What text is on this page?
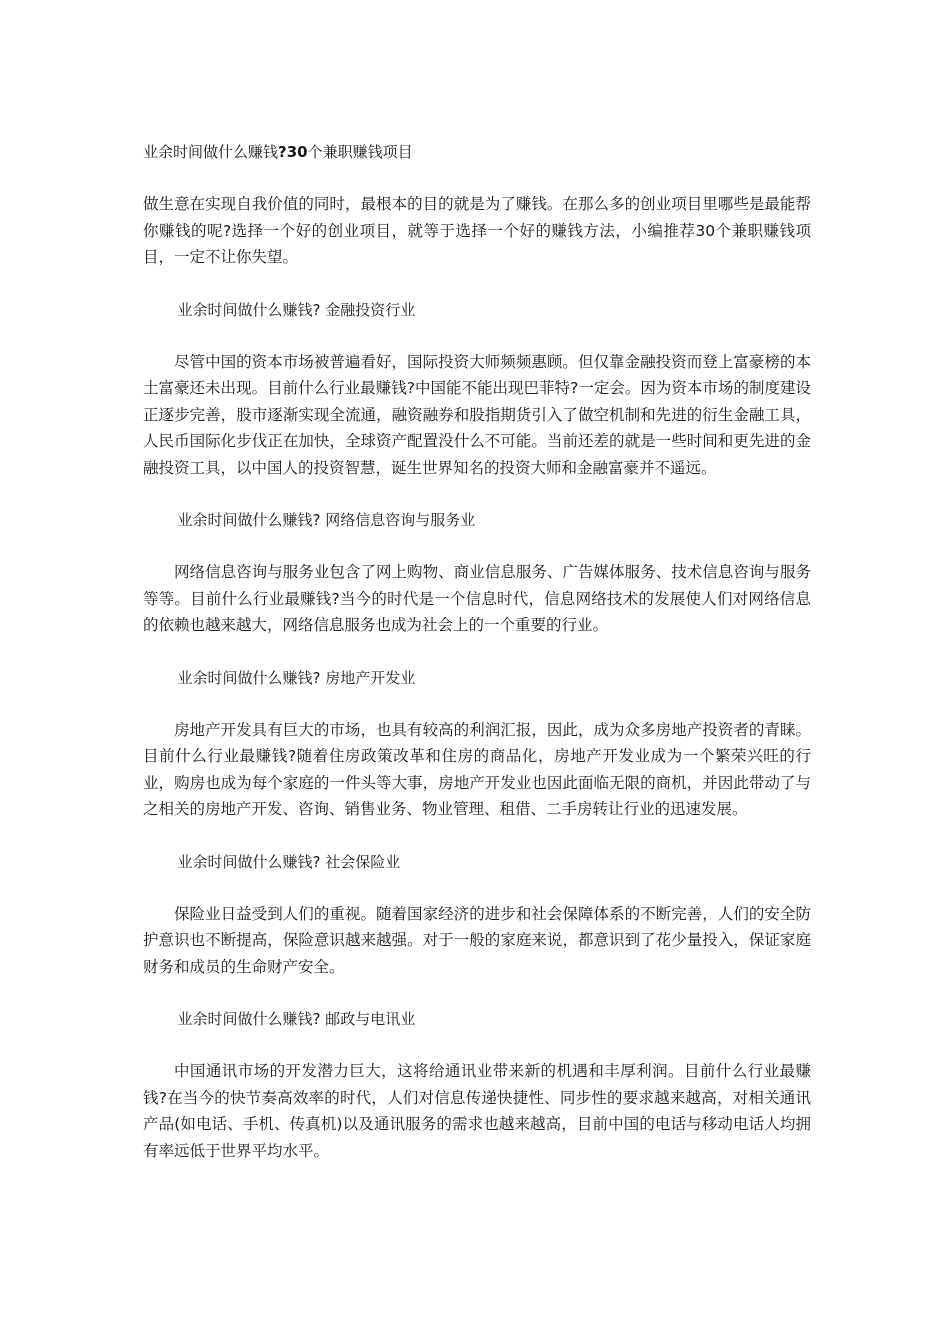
业余时间做什么赚钱?30个兼职赚钱项目

做生意在实现自我价值的同时，最根本的目的就是为了赚钱。在那么多的创业项目里哪些是最能帮你赚钱的呢?选择一个好的创业项目，就等于选择一个好的赚钱方法，小编推荐30个兼职赚钱项目，一定不让你失望。

业余时间做什么赚钱? 金融投资行业

尽管中国的资本市场被普遍看好，国际投资大师频频惠顾。但仅靠金融投资而登上富豪榜的本土富豪还未出现。目前什么行业最赚钱?中国能不能出现巴菲特?一定会。因为资本市场的制度建设正逐步完善，股市逐渐实现全流通，融资融券和股指期货引入了做空机制和先进的衍生金融工具，人民币国际化步伐正在加快，全球资产配置没什么不可能。当前还差的就是一些时间和更先进的金融投资工具，以中国人的投资智慧，诞生世界知名的投资大师和金融富豪并不遥远。

业余时间做什么赚钱? 网络信息咨询与服务业

网络信息咨询与服务业包含了网上购物、商业信息服务、广告媒体服务、技术信息咨询与服务等等。目前什么行业最赚钱?当今的时代是一个信息时代，信息网络技术的发展使人们对网络信息的依赖也越来越大，网络信息服务也成为社会上的一个重要的行业。

业余时间做什么赚钱? 房地产开发业

房地产开发具有巨大的市场，也具有较高的利润汇报，因此，成为众多房地产投资者的青睐。目前什么行业最赚钱?随着住房政策改革和住房的商品化，房地产开发业成为一个繁荣兴旺的行业，购房也成为每个家庭的一件头等大事，房地产开发业也因此面临无限的商机，并因此带动了与之相关的房地产开发、咨询、销售业务、物业管理、租借、二手房转让行业的迅速发展。

业余时间做什么赚钱? 社会保险业

保险业日益受到人们的重视。随着国家经济的进步和社会保障体系的不断完善，人们的安全防护意识也不断提高，保险意识越来越强。对于一般的家庭来说，都意识到了花少量投入，保证家庭财务和成员的生命财产安全。

业余时间做什么赚钱? 邮政与电讯业

中国通讯市场的开发潜力巨大，这将给通讯业带来新的机遇和丰厚利润。目前什么行业最赚钱?在当今的快节奏高效率的时代，人们对信息传递快捷性、同步性的要求越来越高，对相关通讯产品(如电话、手机、传真机)以及通讯服务的需求也越来越高，目前中国的电话与移动电话人均拥有率远低于世界平均水平。
